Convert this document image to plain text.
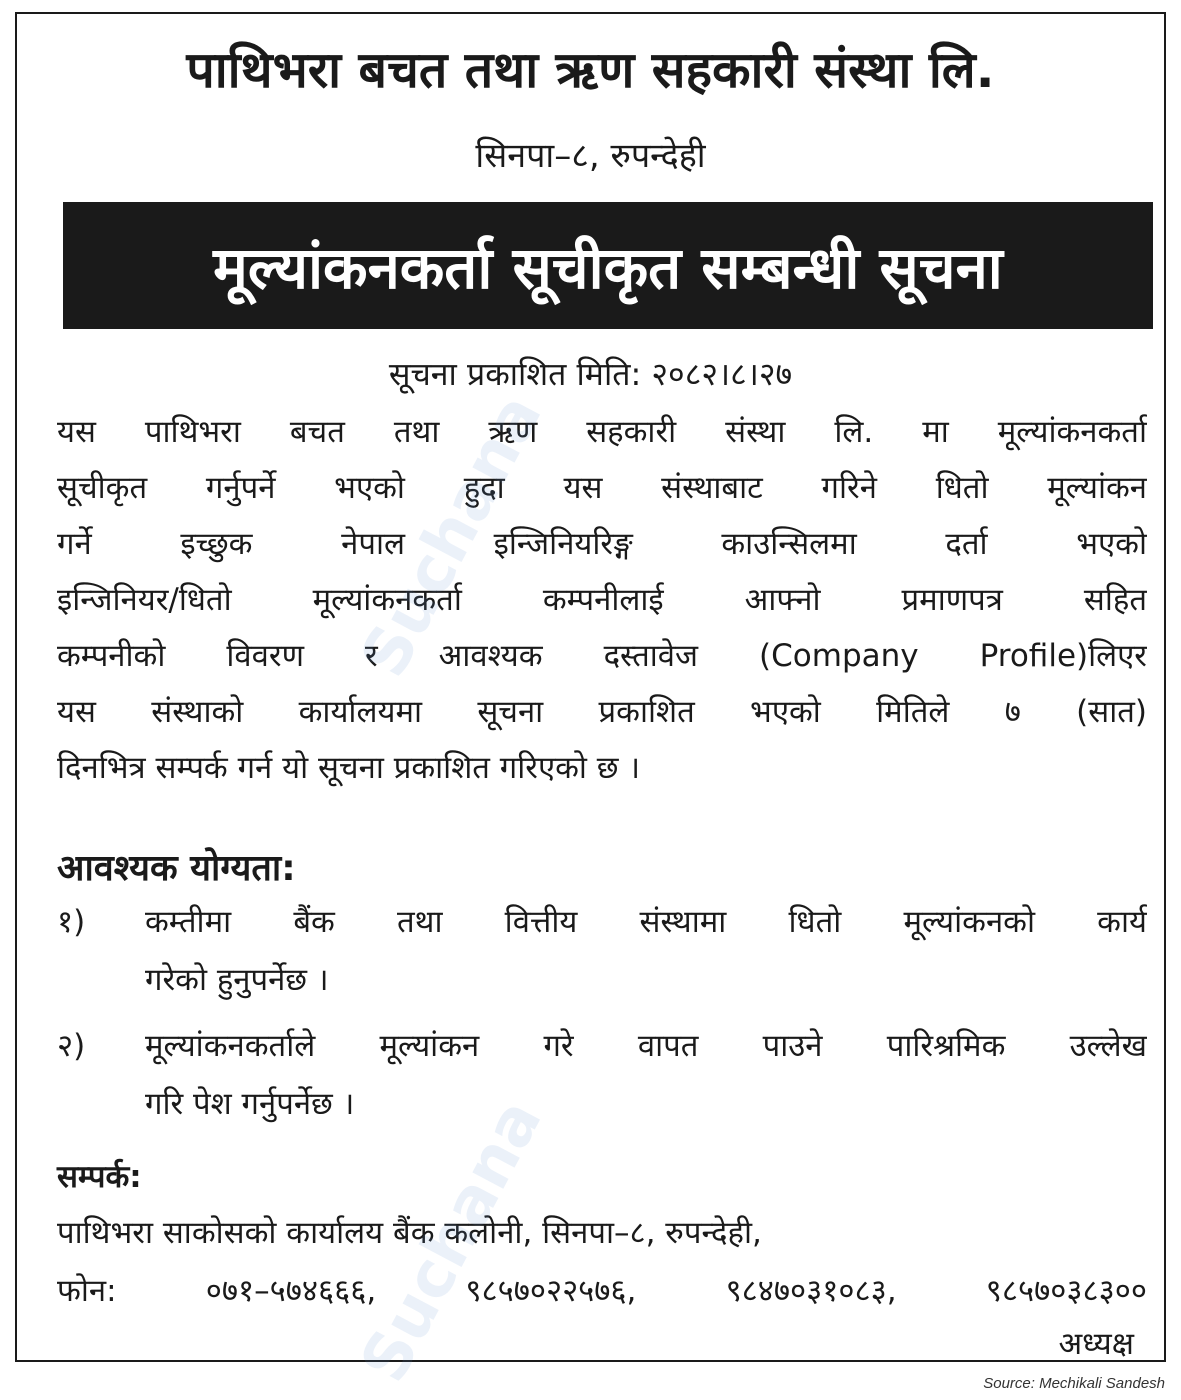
पाथिभरा बचत तथा ऋण सहकारी संस्था लि.
सिनपा–८, रुपन्देही
मूल्यांकनकर्ता सूचीकृत सम्बन्धी सूचना
सूचना प्रकाशित मिति: २०८२।८।२७
यस पाथिभरा बचत तथा ऋण सहकारी संस्था लि. मा मूल्यांकनकर्ता
सूचीकृत गर्नुपर्ने भएको हुदा यस संस्थाबाट गरिने धितो मूल्यांकन
गर्ने इच्छुक नेपाल इन्जिनियरिङ्ग काउन्सिलमा दर्ता भएको
इन्जिनियर/धितो मूल्यांकनकर्ता कम्पनीलाई आफ्नो प्रमाणपत्र सहित
कम्पनीको विवरण र आवश्यक दस्तावेज (Company Profile)लिएर
यस संस्थाको कार्यालयमा सूचना प्रकाशित भएको मितिले ७ (सात)
दिनभित्र सम्पर्क गर्न यो सूचना प्रकाशित गरिएको छ ।
आवश्यक योग्यता:
१) कम्तीमा बैंक तथा वित्तीय संस्थामा धितो मूल्यांकनको कार्य
गरेको हुनुपर्नेछ ।
२) मूल्यांकनकर्ताले मूल्यांकन गरे वापत पाउने पारिश्रमिक उल्लेख
गरि पेश गर्नुपर्नेछ ।
सम्पर्क:
पाथिभरा साकोसको कार्यालय बैंक कलोनी, सिनपा–८, रुपन्देही,
फोन: ०७१–५७४६६६, ९८५७०२२५७६, ९८४७०३१०८३, ९८५७०३८३००
अध्यक्ष
Suchana
Suchana	Source: Mechikali Sandesh
